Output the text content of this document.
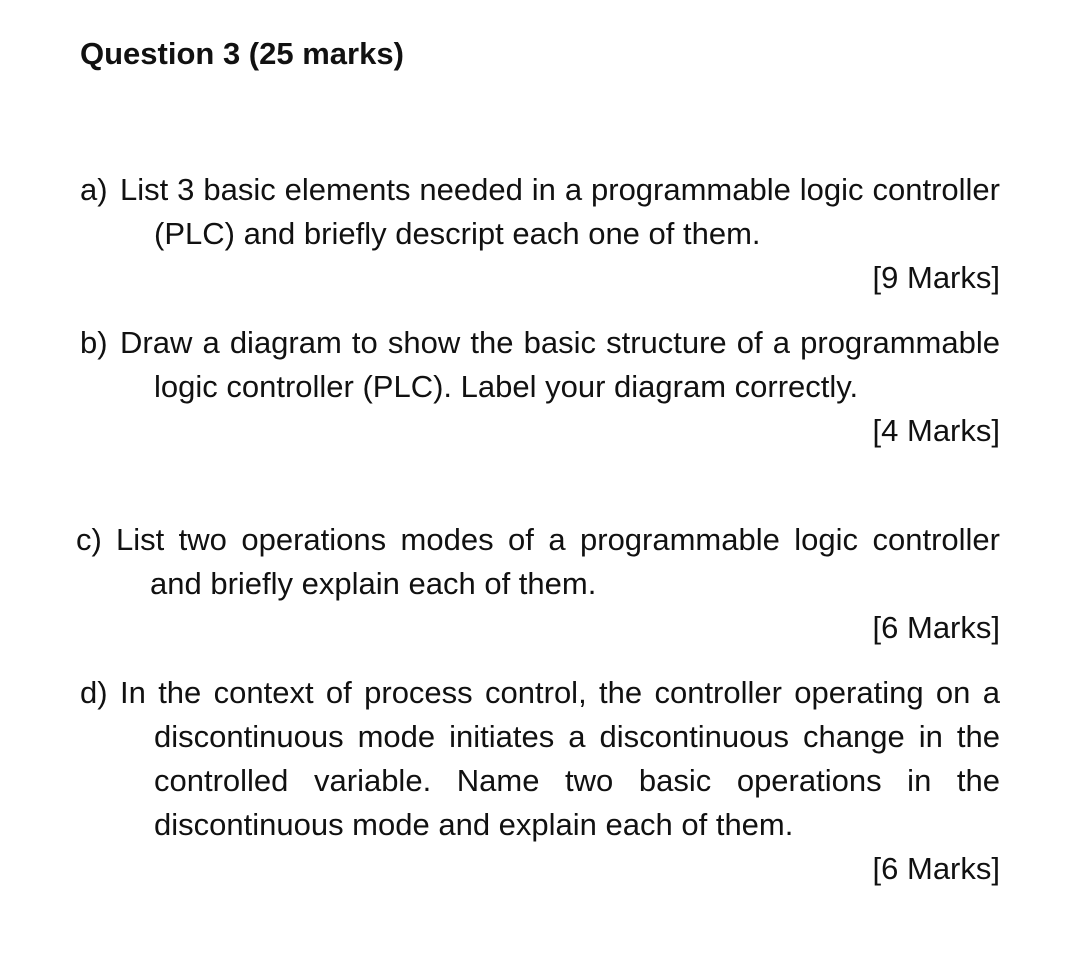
Question 3 (25 marks)
a) List 3 basic elements needed in a programmable logic controller (PLC) and briefly descript each one of them.
[9 Marks]
b) Draw a diagram to show the basic structure of a programmable logic controller (PLC). Label your diagram correctly.
[4 Marks]
c) List two operations modes of a programmable logic controller and briefly explain each of them.
[6 Marks]
d) In the context of process control, the controller operating on a discontinuous mode initiates a discontinuous change in the controlled variable. Name two basic operations in the discontinuous mode and explain each of them.
[6 Marks]
